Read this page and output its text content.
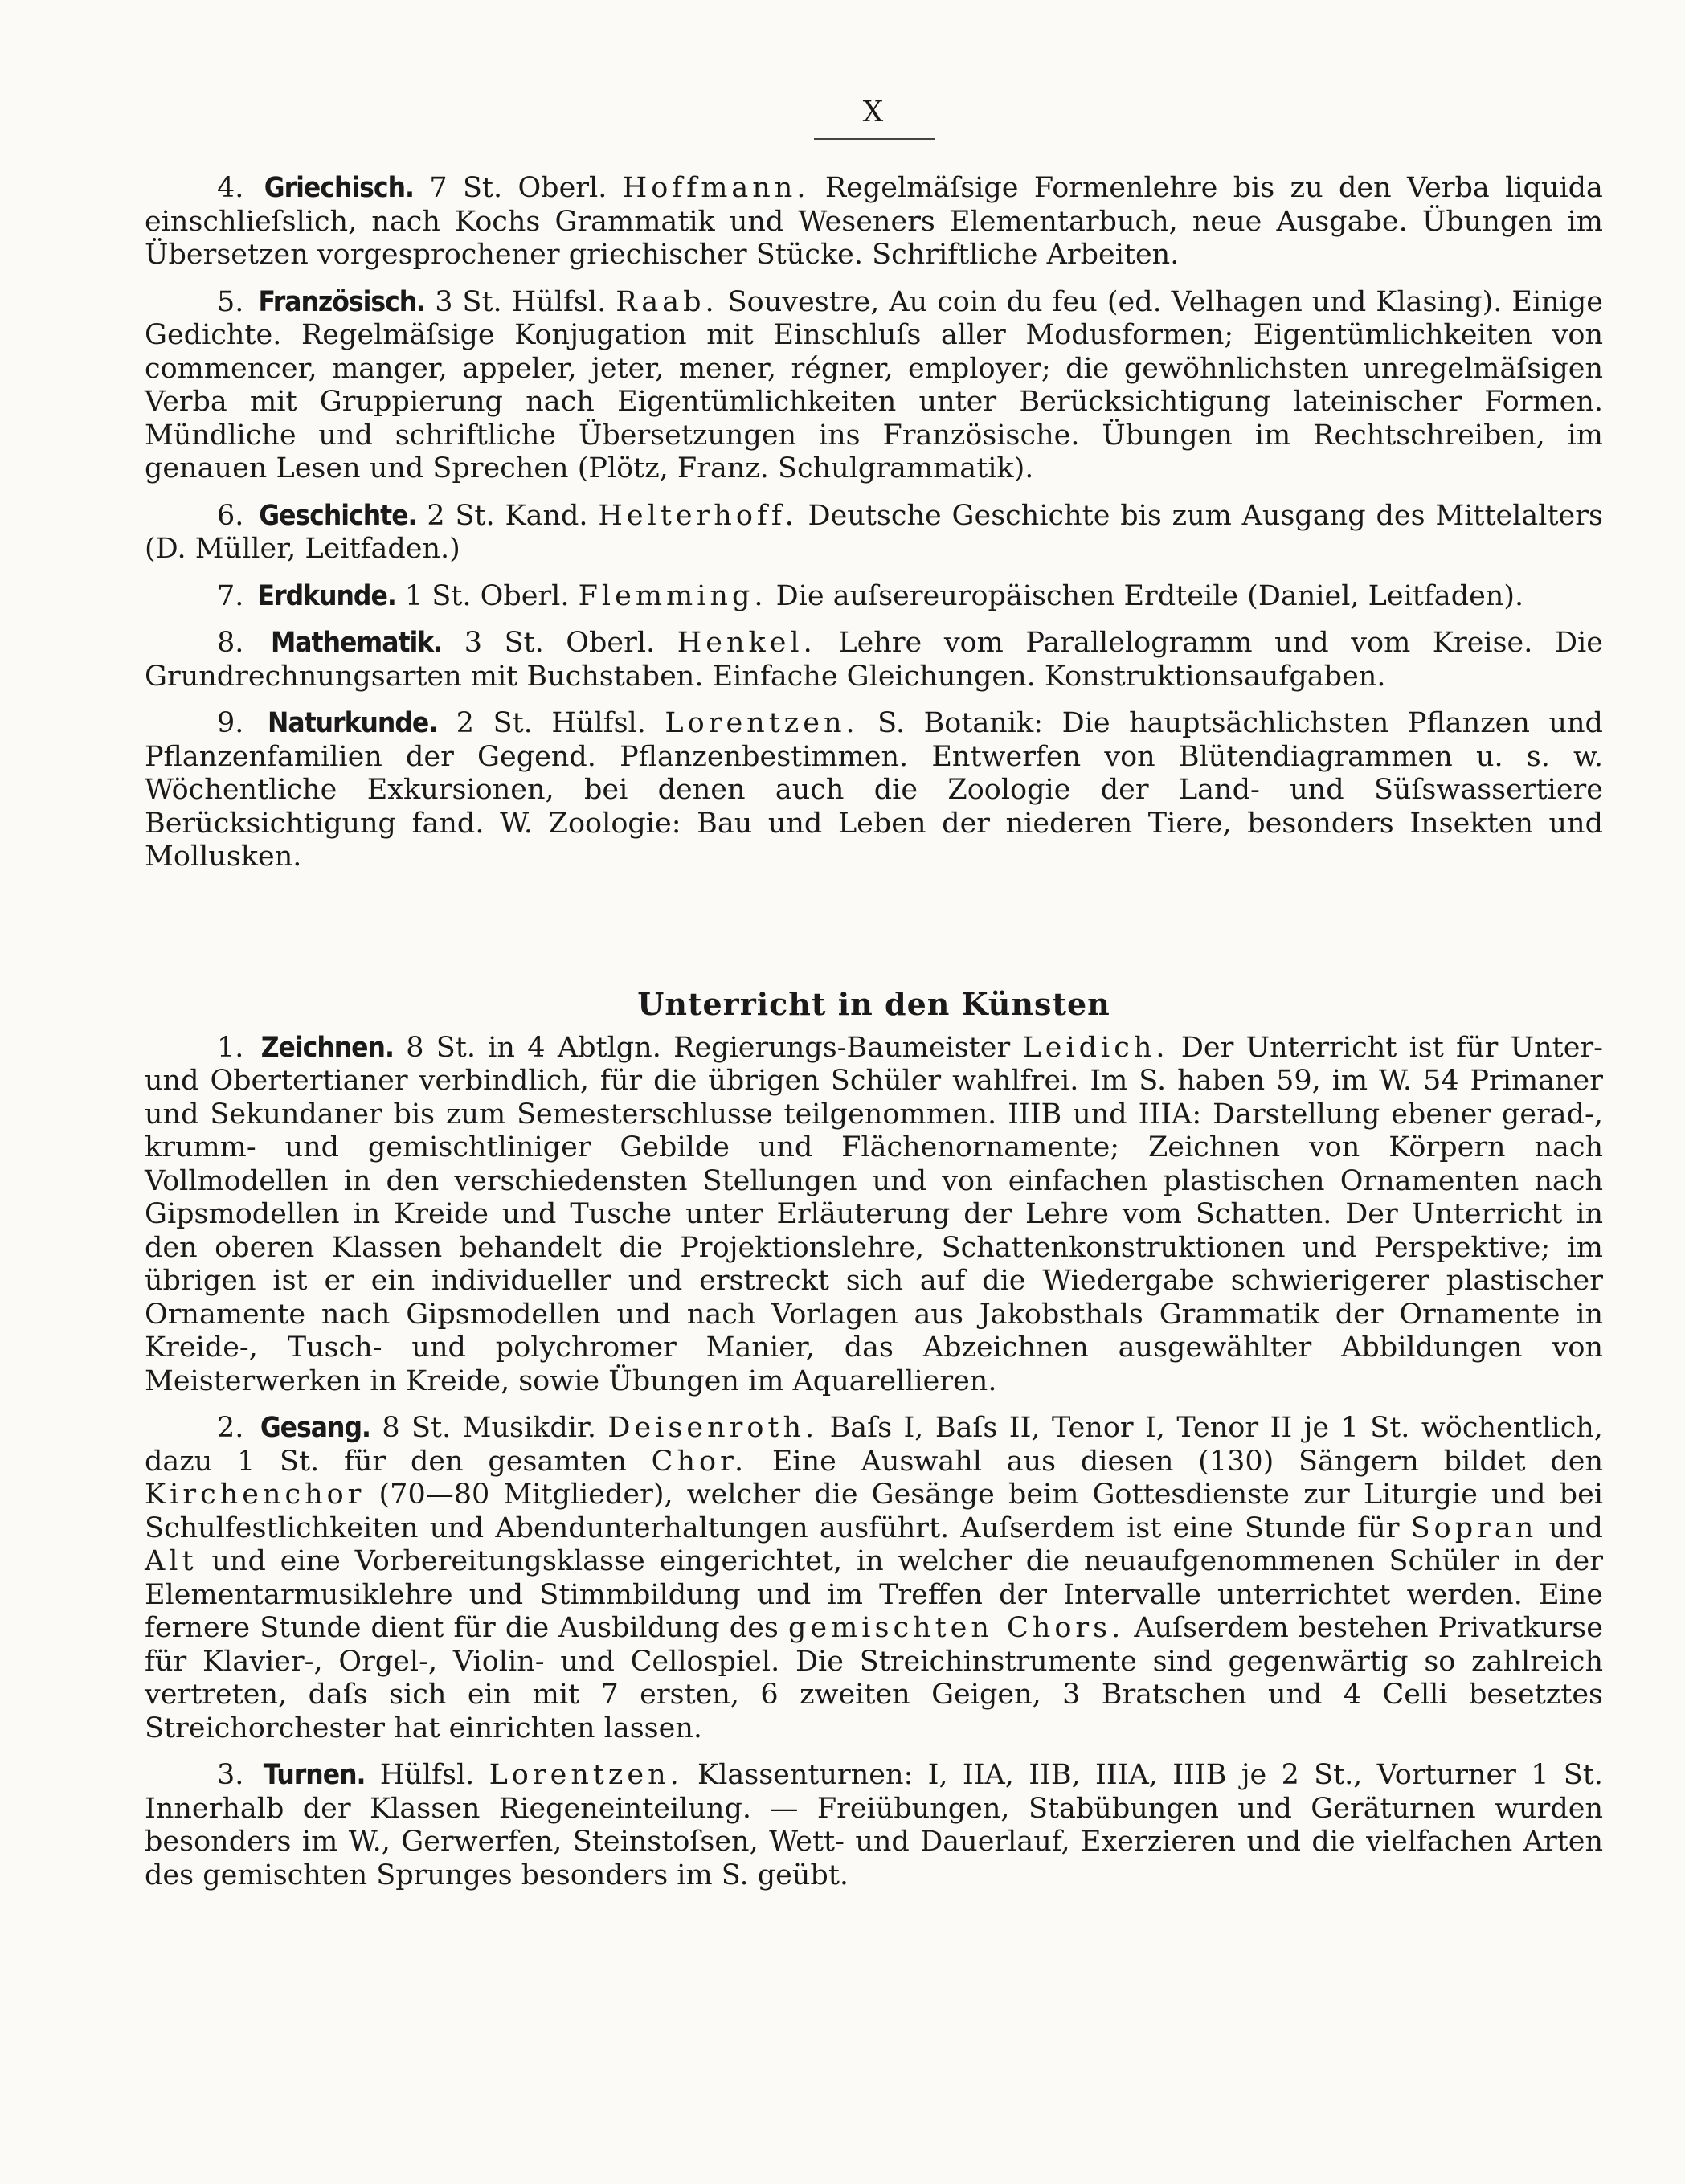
X

4. Griechisch. 7 St. Oberl. Hoffmann. Regelmäſsige Formenlehre bis zu den Verba liquida einschlieſslich, nach Kochs Grammatik und Weseners Elementarbuch, neue Ausgabe. Übungen im Übersetzen vorgesprochener griechischer Stücke. Schriftliche Arbeiten.

5. Französisch. 3 St. Hülfsl. Raab. Souvestre, Au coin du feu (ed. Velhagen und Klasing). Einige Gedichte. Regelmäſsige Konjugation mit Einschluſs aller Modusformen; Eigentümlichkeiten von commencer, manger, appeler, jeter, mener, régner, employer; die gewöhnlichsten unregelmäſsigen Verba mit Gruppierung nach Eigentümlichkeiten unter Berücksichtigung lateinischer Formen. Mündliche und schriftliche Übersetzungen ins Französische. Übungen im Rechtschreiben, im genauen Lesen und Sprechen (Plötz, Franz. Schulgrammatik).

6. Geschichte. 2 St. Kand. Helterhoff. Deutsche Geschichte bis zum Ausgang des Mittelalters (D. Müller, Leitfaden.)

7. Erdkunde. 1 St. Oberl. Flemming. Die auſsereuropäischen Erdteile (Daniel, Leitfaden).

8. Mathematik. 3 St. Oberl. Henkel. Lehre vom Parallelogramm und vom Kreise. Die Grundrechnungsarten mit Buchstaben. Einfache Gleichungen. Konstruktionsaufgaben.

9. Naturkunde. 2 St. Hülfsl. Lorentzen. S. Botanik: Die hauptsächlichsten Pflanzen und Pflanzenfamilien der Gegend. Pflanzenbestimmen. Entwerfen von Blütendiagrammen u. s. w. Wöchentliche Exkursionen, bei denen auch die Zoologie der Land- und Süſswassertiere Berücksichtigung fand. W. Zoologie: Bau und Leben der niederen Tiere, besonders Insekten und Mollusken.

Unterricht in den Künsten

1. Zeichnen. 8 St. in 4 Abtlgn. Regierungs-Baumeister Leidich. Der Unterricht ist für Unter- und Obertertianer verbindlich, für die übrigen Schüler wahlfrei. Im S. haben 59, im W. 54 Primaner und Sekundaner bis zum Semesterschlusse teilgenommen. IIIB und IIIA: Darstellung ebener gerad-, krumm- und gemischtliniger Gebilde und Flächenornamente; Zeichnen von Körpern nach Vollmodellen in den verschiedensten Stellungen und von einfachen plastischen Ornamenten nach Gipsmodellen in Kreide und Tusche unter Erläuterung der Lehre vom Schatten. Der Unterricht in den oberen Klassen behandelt die Projektionslehre, Schattenkonstruktionen und Perspektive; im übrigen ist er ein individueller und erstreckt sich auf die Wiedergabe schwierigerer plastischer Ornamente nach Gipsmodellen und nach Vorlagen aus Jakobsthals Grammatik der Ornamente in Kreide-, Tusch- und polychromer Manier, das Abzeichnen ausgewählter Abbildungen von Meisterwerken in Kreide, sowie Übungen im Aquarellieren.

2. Gesang. 8 St. Musikdir. Deisenroth. Baſs I, Baſs II, Tenor I, Tenor II je 1 St. wöchentlich, dazu 1 St. für den gesamten Chor. Eine Auswahl aus diesen (130) Sängern bildet den Kirchenchor (70—80 Mitglieder), welcher die Gesänge beim Gottesdienste zur Liturgie und bei Schulfestlichkeiten und Abendunterhaltungen ausführt. Auſserdem ist eine Stunde für Sopran und Alt und eine Vorbereitungsklasse eingerichtet, in welcher die neuaufgenommenen Schüler in der Elementarmusiklehre und Stimmbildung und im Treffen der Intervalle unterrichtet werden. Eine fernere Stunde dient für die Ausbildung des gemischten Chors. Auſserdem bestehen Privatkurse für Klavier-, Orgel-, Violin- und Cellospiel. Die Streichinstrumente sind gegenwärtig so zahlreich vertreten, daſs sich ein mit 7 ersten, 6 zweiten Geigen, 3 Bratschen und 4 Celli besetztes Streichorchester hat einrichten lassen.

3. Turnen. Hülfsl. Lorentzen. Klassenturnen: I, IIA, IIB, IIIA, IIIB je 2 St., Vorturner 1 St. Innerhalb der Klassen Riegeneinteilung. — Freiübungen, Stabübungen und Geräturnen wurden besonders im W., Gerwerfen, Steinstoſsen, Wett- und Dauerlauf, Exerzieren und die vielfachen Arten des gemischten Sprunges besonders im S. geübt.
